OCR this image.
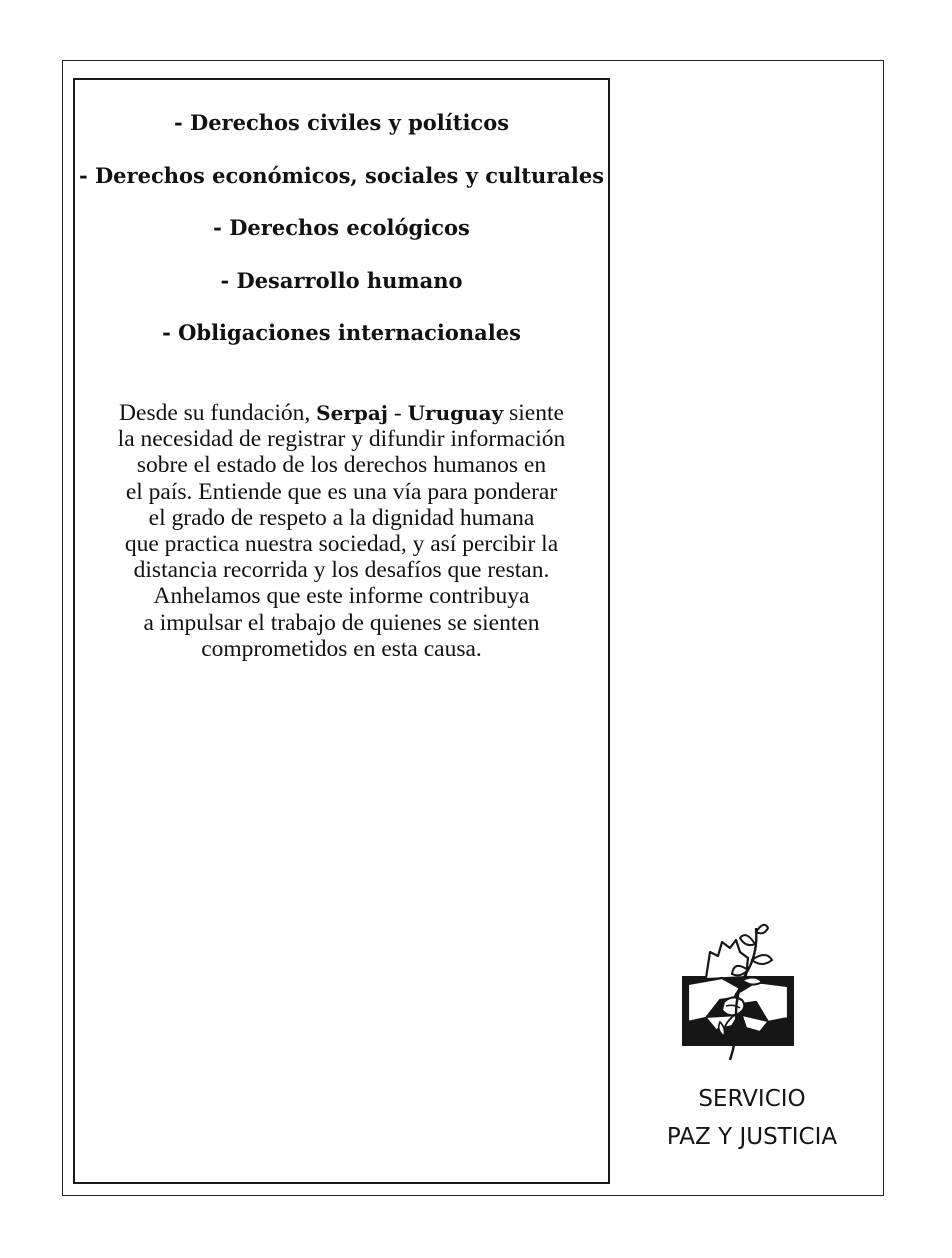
- Derechos civiles y políticos
- Derechos económicos, sociales y culturales
- Derechos ecológicos
- Desarrollo humano
- Obligaciones internacionales
Desde su fundación, Serpaj - Uruguay siente
la necesidad de registrar y difundir información
sobre el estado de los derechos humanos en
el país. Entiende que es una vía para ponderar
el grado de respeto a la dignidad humana
que practica nuestra sociedad, y así percibir la
distancia recorrida y los desafíos que restan.
Anhelamos que este informe contribuya
a impulsar el trabajo de quienes se sienten
comprometidos en esta causa.
SERVICIO
PAZ Y JUSTICIA
